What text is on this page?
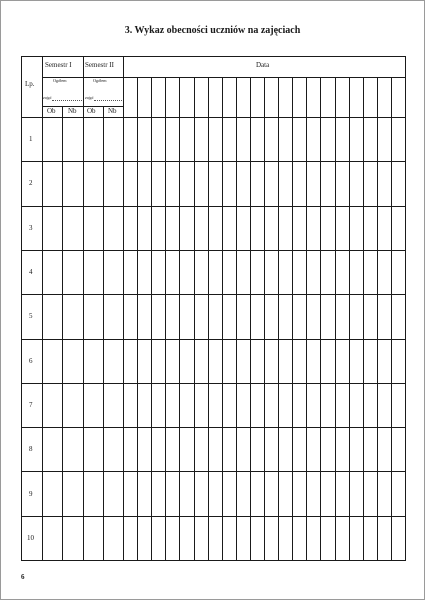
3. Wykaz obecności uczniów na zajęciach
Lp.
Semestr I Semestr II	Data
Ogółem
zajęć
Ogółem
zajęć
Ob Nb Ob Nb
1
2
3
4
5
6
7
8
9
10
6
